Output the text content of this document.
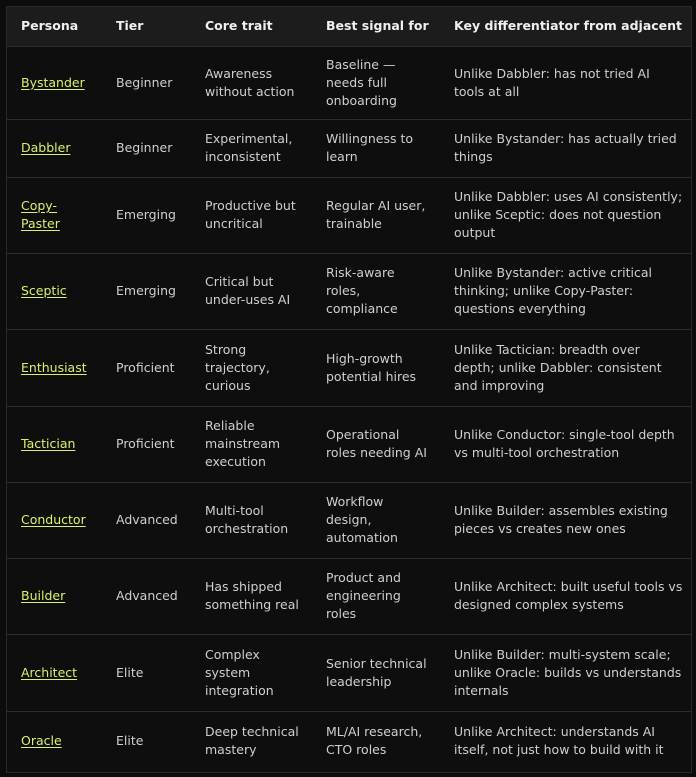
Persona	Tier	Core trait	Best signal for	Key differentiator from adjacent
Bystander	Beginner	Awareness without action	Baseline — needs full onboarding	Unlike Dabbler: has not tried AI tools at all
Dabbler	Beginner	Experimental, inconsistent	Willingness to learn	Unlike Bystander: has actually tried things
Copy-Paster	Emerging	Productive but uncritical	Regular AI user, trainable	Unlike Dabbler: uses AI consistently; unlike Sceptic: does not question output
Sceptic	Emerging	Critical but under-uses AI	Risk-aware roles, compliance	Unlike Bystander: active critical thinking; unlike Copy-Paster: questions everything
Enthusiast	Proficient	Strong trajectory, curious	High-growth potential hires	Unlike Tactician: breadth over depth; unlike Dabbler: consistent and improving
Tactician	Proficient	Reliable mainstream execution	Operational roles needing AI	Unlike Conductor: single-tool depth vs multi-tool orchestration
Conductor	Advanced	Multi-tool orchestration	Workflow design, automation	Unlike Builder: assembles existing pieces vs creates new ones
Builder	Advanced	Has shipped something real	Product and engineering roles	Unlike Architect: built useful tools vs designed complex systems
Architect	Elite	Complex system integration	Senior technical leadership	Unlike Builder: multi-system scale; unlike Oracle: builds vs understands internals
Oracle	Elite	Deep technical mastery	ML/AI research, CTO roles	Unlike Architect: understands AI itself, not just how to build with it
